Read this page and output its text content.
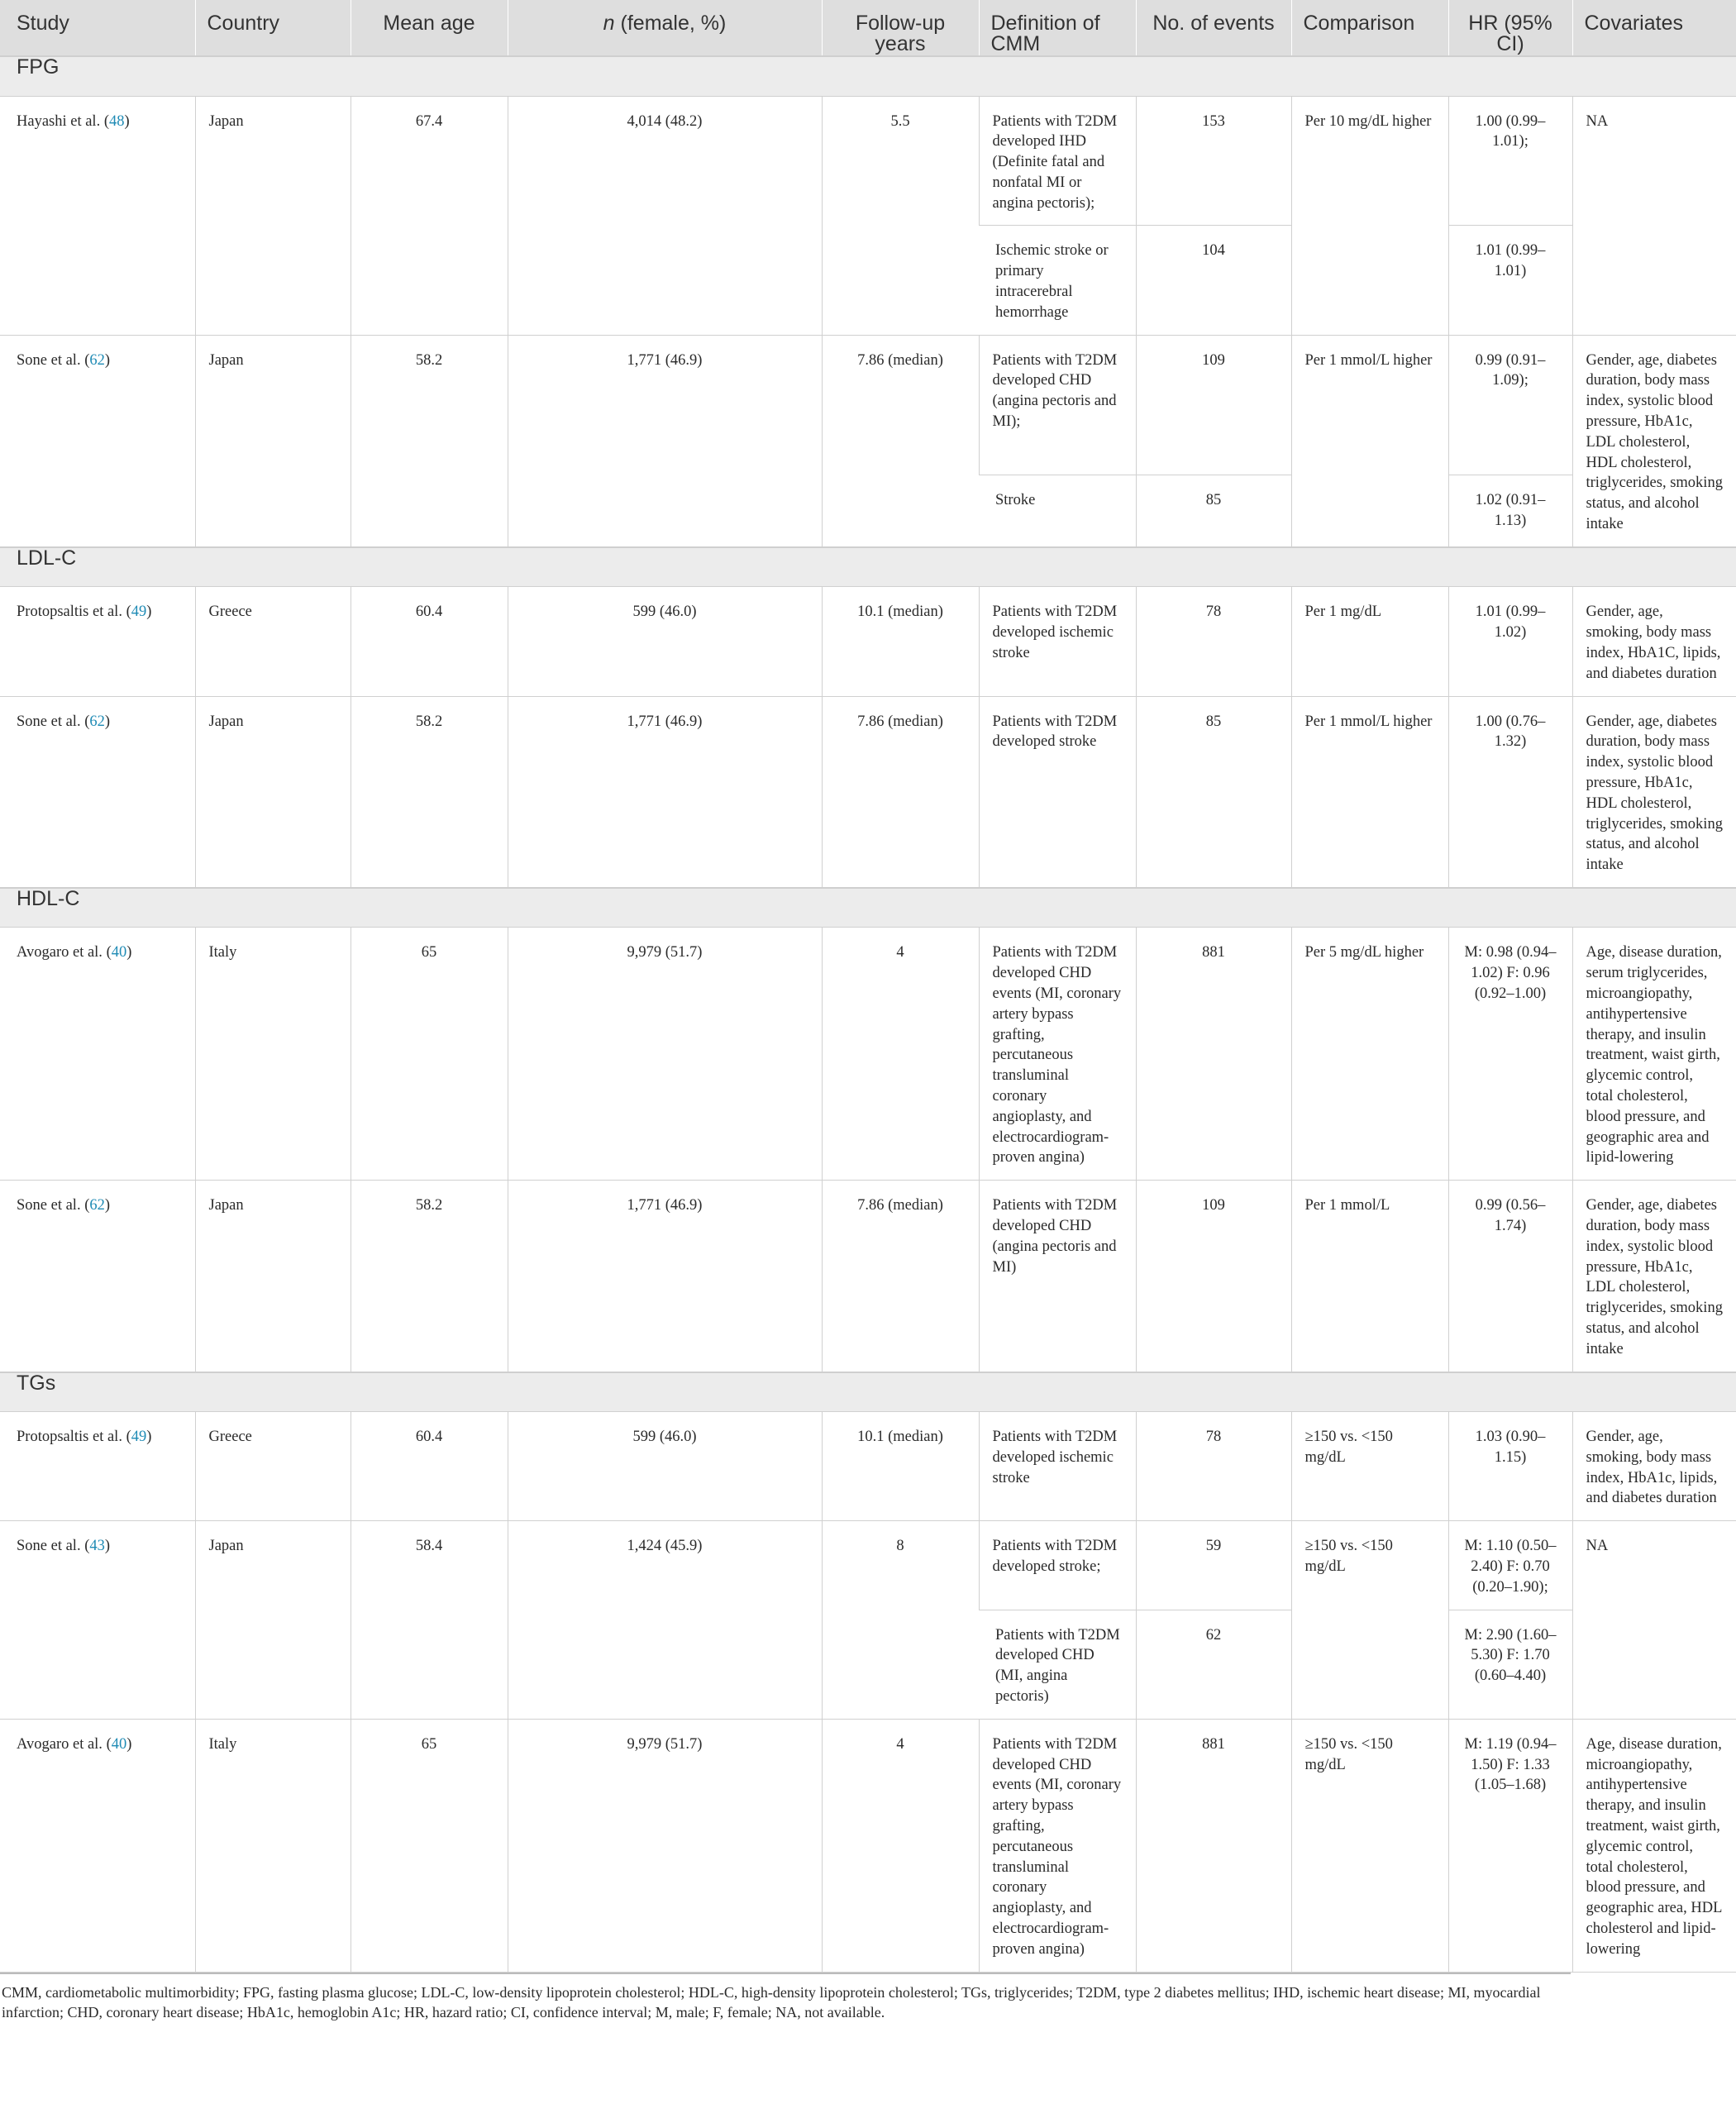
Study	Country	Mean age	n (female, %)	Follow-up years	Definition of CMM	No. of events	Comparison	HR (95% CI)	Covariates
FPG									
Hayashi et al. (48)	Japan	67.4	4,014 (48.2)	5.5	Patients with T2DM developed IHD (Definite fatal and nonfatal MI or angina pectoris);	153	Per 10 mg/dL higher	1.00 (0.99–1.01);	NA
					Ischemic stroke or primary intracerebral hemorrhage	104		1.01 (0.99–1.01)	
Sone et al. (62)	Japan	58.2	1,771 (46.9)	7.86 (median)	Patients with T2DM developed CHD (angina pectoris and MI);	109	Per 1 mmol/L higher	0.99 (0.91–1.09);	Gender, age, diabetes duration, body mass index, systolic blood pressure, HbA1c, LDL cholesterol, HDL cholesterol, triglycerides, smoking status, and alcohol intake
					Stroke	85		1.02 (0.91–1.13)	
LDL-C									
Protopsaltis et al. (49)	Greece	60.4	599 (46.0)	10.1 (median)	Patients with T2DM developed ischemic stroke	78	Per 1 mg/dL	1.01 (0.99–1.02)	Gender, age, smoking, body mass index, HbA1C, lipids, and diabetes duration
Sone et al. (62)	Japan	58.2	1,771 (46.9)	7.86 (median)	Patients with T2DM developed stroke	85	Per 1 mmol/L higher	1.00 (0.76–1.32)	Gender, age, diabetes duration, body mass index, systolic blood pressure, HbA1c, HDL cholesterol, triglycerides, smoking status, and alcohol intake
HDL-C									
Avogaro et al. (40)	Italy	65	9,979 (51.7)	4	Patients with T2DM developed CHD events (MI, coronary artery bypass grafting, percutaneous transluminal coronary angioplasty, and electrocardiogram-proven angina)	881	Per 5 mg/dL higher	M: 0.98 (0.94–1.02) F: 0.96 (0.92–1.00)	Age, disease duration, serum triglycerides, microangiopathy, antihypertensive therapy, and insulin treatment, waist girth, glycemic control, total cholesterol, blood pressure, and geographic area and lipid-lowering
Sone et al. (62)	Japan	58.2	1,771 (46.9)	7.86 (median)	Patients with T2DM developed CHD (angina pectoris and MI)	109	Per 1 mmol/L	0.99 (0.56–1.74)	Gender, age, diabetes duration, body mass index, systolic blood pressure, HbA1c, LDL cholesterol, triglycerides, smoking status, and alcohol intake
TGs									
Protopsaltis et al. (49)	Greece	60.4	599 (46.0)	10.1 (median)	Patients with T2DM developed ischemic stroke	78	≥150 vs. <150 mg/dL	1.03 (0.90–1.15)	Gender, age, smoking, body mass index, HbA1c, lipids, and diabetes duration
Sone et al. (43)	Japan	58.4	1,424 (45.9)	8	Patients with T2DM developed stroke;	59	≥150 vs. <150 mg/dL	M: 1.10 (0.50–2.40) F: 0.70 (0.20–1.90);	NA
					Patients with T2DM developed CHD (MI, angina pectoris)	62		M: 2.90 (1.60–5.30) F: 1.70 (0.60–4.40)	
Avogaro et al. (40)	Italy	65	9,979 (51.7)	4	Patients with T2DM developed CHD events (MI, coronary artery bypass grafting, percutaneous transluminal coronary angioplasty, and electrocardiogram-proven angina)	881	≥150 vs. <150 mg/dL	M: 1.19 (0.94–1.50) F: 1.33 (1.05–1.68)	Age, disease duration, microangiopathy, antihypertensive therapy, and insulin treatment, waist girth, glycemic control, total cholesterol, blood pressure, and geographic area, HDL cholesterol and lipid-lowering
CMM, cardiometabolic multimorbidity; FPG, fasting plasma glucose; LDL-C, low-density lipoprotein cholesterol; HDL-C, high-density lipoprotein cholesterol; TGs, triglycerides; T2DM, type 2 diabetes mellitus; IHD, ischemic heart disease; MI, myocardial infarction; CHD, coronary heart disease; HbA1c, hemoglobin A1c; HR, hazard ratio; CI, confidence interval; M, male; F, female; NA, not available.
